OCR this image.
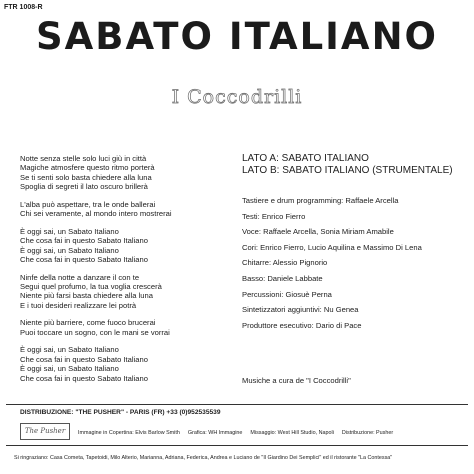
FTR 1008-R
SABATO ITALIANO
I Coccodrilli
Notte senza stelle solo luci giù in città
Magiche atmosfere questo ritmo porterà
Se ti senti solo basta chiedere alla luna
Spoglia di segreti il lato oscuro brillerà
L'alba può aspettare, tra le onde ballerai
Chi sei veramente, al mondo intero mostrerai
È oggi sai, un Sabato Italiano
Che cosa fai in questo Sabato Italiano
È oggi sai, un Sabato Italiano
Che cosa fai in questo Sabato Italiano
Ninfe della notte a danzare il con te
Segui quel profumo, la tua voglia crescerà
Niente più farsi basta chiedere alla luna
E i tuoi desideri realizzare lei potrà
Niente più barriere, come fuoco brucerai
Puoi toccare un sogno, con le mani se vorrai
È oggi sai, un Sabato Italiano
Che cosa fai in questo Sabato Italiano
È oggi sai, un Sabato Italiano
Che cosa fai in questo Sabato Italiano
LATO A: SABATO ITALIANO
LATO B: SABATO ITALIANO (STRUMENTALE)
Tastiere e drum programming: Raffaele Arcella
Testi: Enrico Fierro
Voce: Raffaele Arcella, Sonia Miriam Amabile
Cori: Enrico Fierro, Lucio Aquilina e Massimo Di Lena
Chitarre: Alessio Pignorio
Basso: Daniele Labbate
Percussioni: Giosuè Perna
Sintetizzatori aggiuntivi: Nu Genea
Produttore esecutivo: Dario di Pace
Musiche a cura de "I Coccodrilli"
DISTRIBUZIONE: "THE PUSHER" - PARIS (FR) +33 (0)952535539
The Pusher	Immagine in Copertina: Elvis Barlow Smith Grafica: WH Immagine Missaggio: West Hill Studio, Napoli Distribuzione: Pusher
Si ringraziano: Casa Cometa, Tapetoidi, Milo Alterio, Marianna, Adriana, Federica, Andrea e Luciano de "Il Giardino Dei Semplici" ed il ristorante "La Contessa"
